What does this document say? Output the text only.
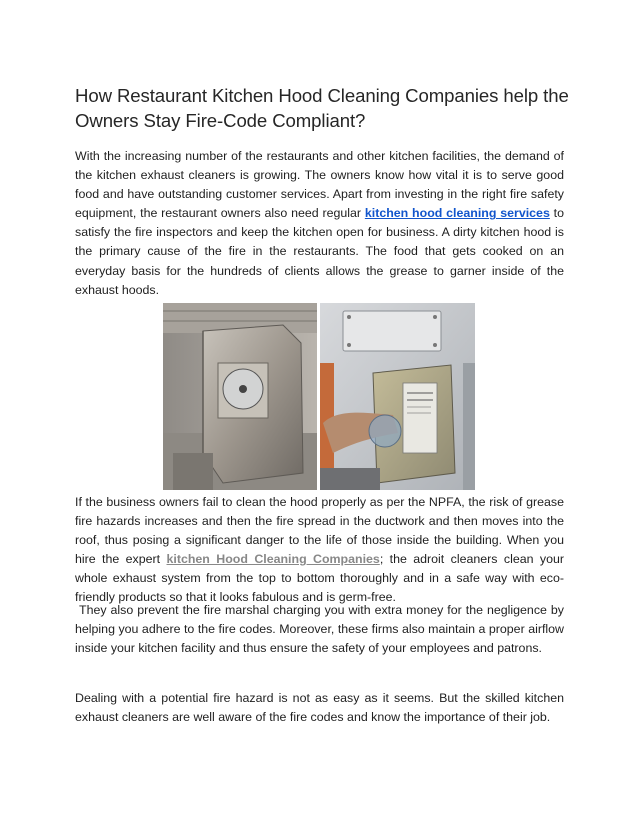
How Restaurant Kitchen Hood Cleaning Companies help the Owners Stay Fire-Code Compliant?

With the increasing number of the restaurants and other kitchen facilities, the demand of the kitchen exhaust cleaners is growing. The owners know how vital it is to serve good food and have outstanding customer services. Apart from investing in the right fire safety equipment, the restaurant owners also need regular kitchen hood cleaning services to satisfy the fire inspectors and keep the kitchen open for business. A dirty kitchen hood is the primary cause of the fire in the restaurants. The food that gets cooked on an everyday basis for the hundreds of clients allows the grease to garner inside of the exhaust hoods.

If the business owners fail to clean the hood properly as per the NPFA, the risk of grease fire hazards increases and then the fire spread in the ductwork and then moves into the roof, thus posing a significant danger to the life of those inside the building. When you hire the expert kitchen Hood Cleaning Companies; the adroit cleaners clean your whole exhaust system from the top to bottom thoroughly and in a safe way with eco-friendly products so that it looks fabulous and is germ-free.

They also prevent the fire marshal charging you with extra money for the negligence by helping you adhere to the fire codes. Moreover, these firms also maintain a proper airflow inside your kitchen facility and thus ensure the safety of your employees and patrons.

Dealing with a potential fire hazard is not as easy as it seems. But the skilled kitchen exhaust cleaners are well aware of the fire codes and know the importance of their job.
